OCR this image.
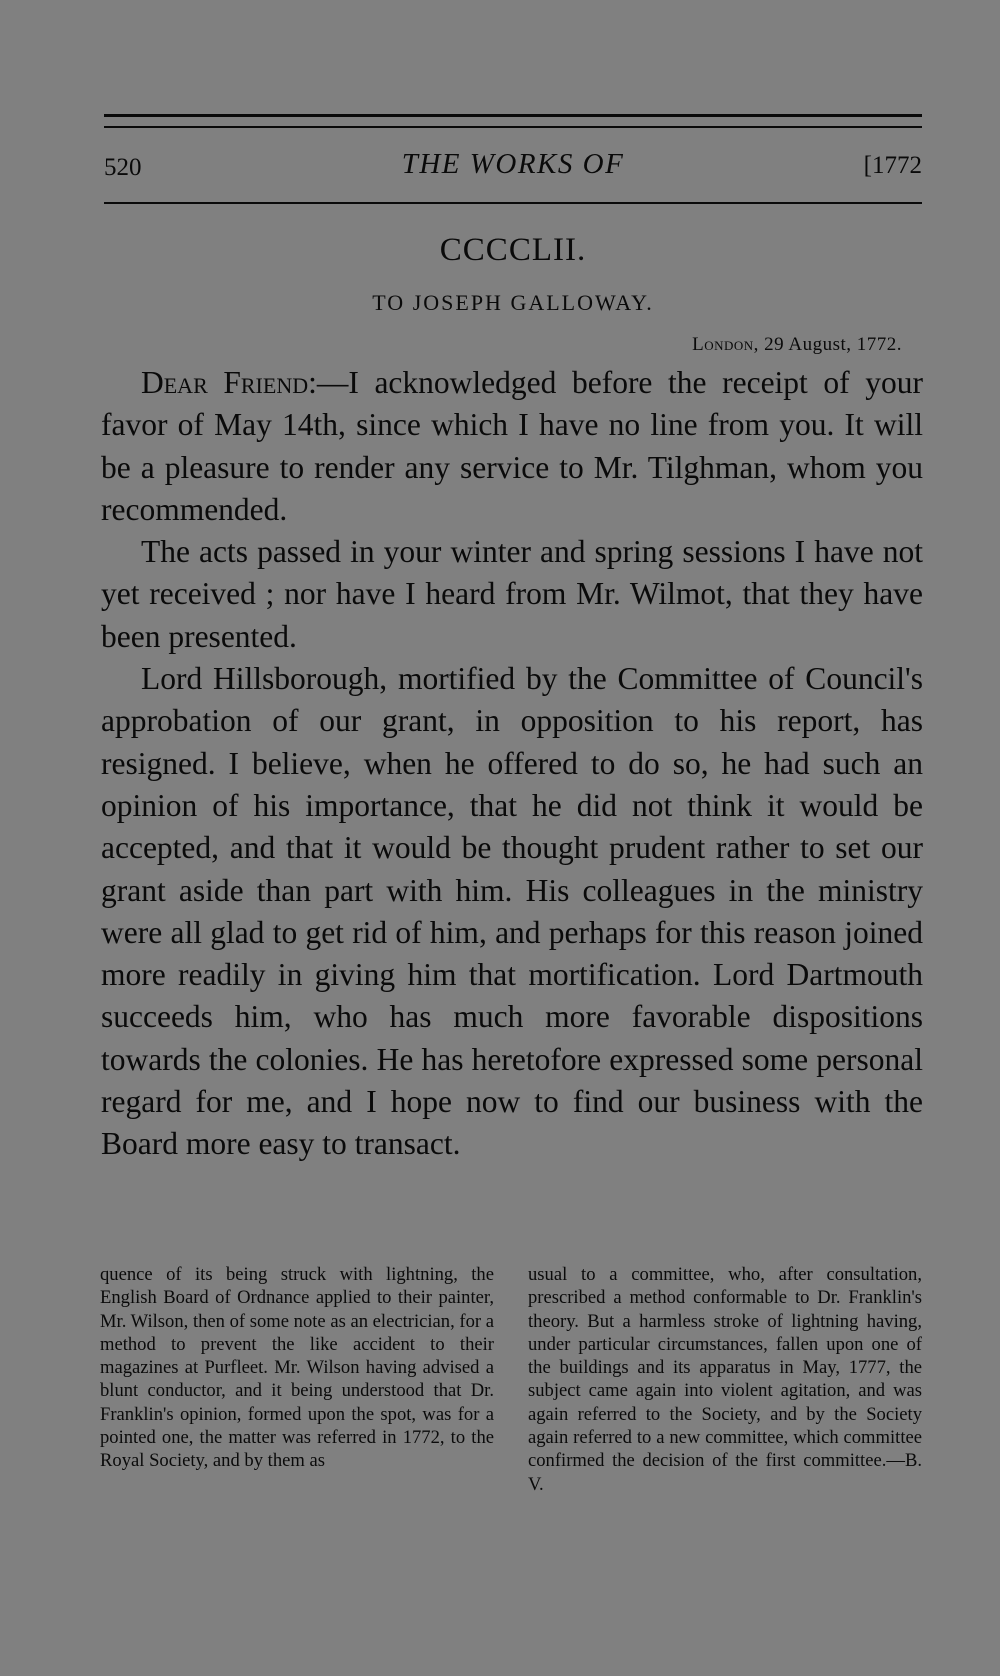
520	THE WORKS OF	[1772
CCCCLII.
TO JOSEPH GALLOWAY.
London, 29 August, 1772.

Dear Friend:—I acknowledged before the receipt of your favor of May 14th, since which I have no line from you. It will be a pleasure to render any service to Mr. Tilghman, whom you recommended.

The acts passed in your winter and spring sessions I have not yet received ; nor have I heard from Mr. Wilmot, that they have been presented.

Lord Hillsborough, mortified by the Committee of Council's approbation of our grant, in opposition to his report, has resigned. I believe, when he offered to do so, he had such an opinion of his importance, that he did not think it would be accepted, and that it would be thought prudent rather to set our grant aside than part with him. His colleagues in the ministry were all glad to get rid of him, and perhaps for this reason joined more readily in giving him that mortification. Lord Dartmouth succeeds him, who has much more favorable dispositions towards the colonies. He has heretofore expressed some personal regard for me, and I hope now to find our business with the Board more easy to transact.

quence of its being struck with lightning, the English Board of Ordnance applied to their painter, Mr. Wilson, then of some note as an electrician, for a method to prevent the like accident to their magazines at Purfleet. Mr. Wilson having advised a blunt conductor, and it being understood that Dr. Franklin's opinion, formed upon the spot, was for a pointed one, the matter was referred in 1772, to the Royal Society, and by them as

usual to a committee, who, after consultation, prescribed a method conformable to Dr. Franklin's theory. But a harmless stroke of lightning having, under particular circumstances, fallen upon one of the buildings and its apparatus in May, 1777, the subject came again into violent agitation, and was again referred to the Society, and by the Society again referred to a new committee, which committee confirmed the decision of the first committee.—B. V.
